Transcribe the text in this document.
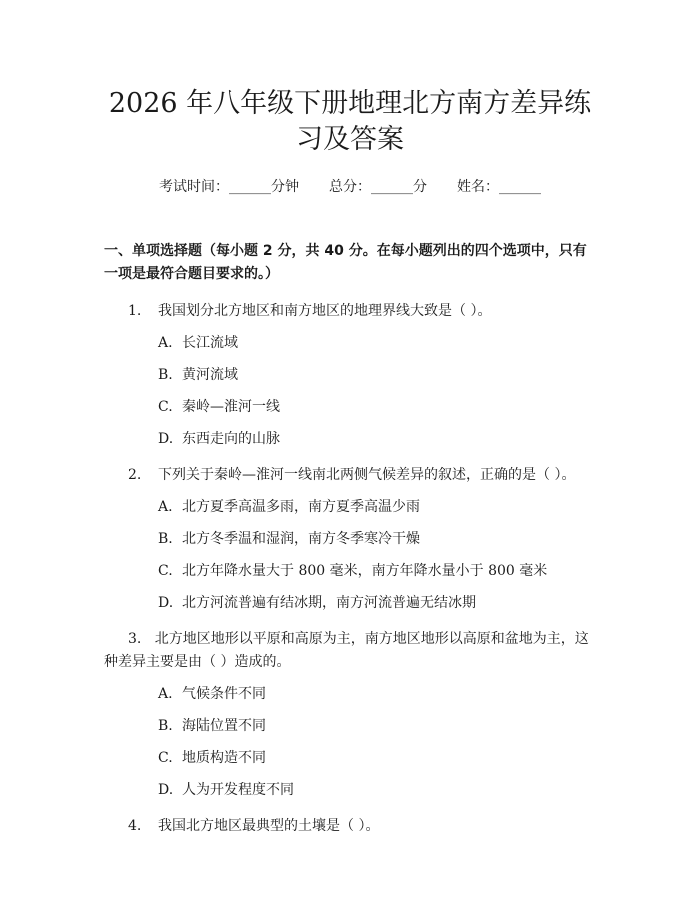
2026 年八年级下册地理北方南方差异练习及答案
考试时间：______分钟 总分：______分 姓名：______
一、单项选择题（每小题 2 分，共 40 分。在每小题列出的四个选项中，只有一项是最符合题目要求的。）
1.	我国划分北方地区和南方地区的地理界线大致是（ ）。
A. 长江流域
B. 黄河流域
C. 秦岭—淮河一线
D. 东西走向的山脉
2.	下列关于秦岭—淮河一线南北两侧气候差异的叙述，正确的是（ ）。
A. 北方夏季高温多雨，南方夏季高温少雨
B. 北方冬季温和湿润，南方冬季寒冷干燥
C. 北方年降水量大于 800 毫米，南方年降水量小于 800 毫米
D. 北方河流普遍有结冰期，南方河流普遍无结冰期
3. 北方地区地形以平原和高原为主，南方地区地形以高原和盆地为主，这种差异主要是由（ ）造成的。
A. 气候条件不同
B. 海陆位置不同
C. 地质构造不同
D. 人为开发程度不同
4.	我国北方地区最典型的土壤是（ ）。
